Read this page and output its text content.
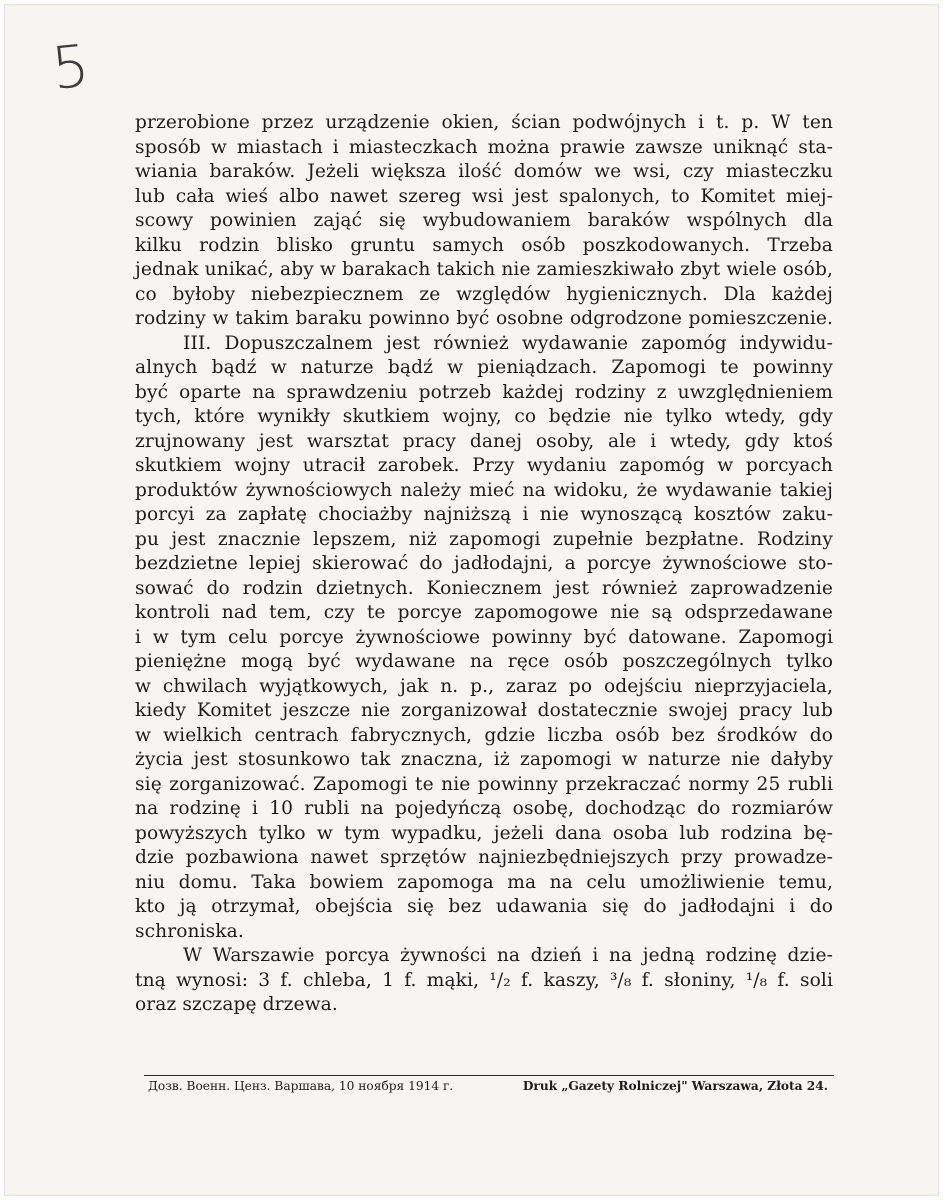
5
przerobione przez urządzenie okien, ścian podwójnych i t. p. W ten
sposób w miastach i miasteczkach można prawie zawsze uniknąć sta-
wiania baraków. Jeżeli większa ilość domów we wsi, czy miasteczku
lub cała wieś albo nawet szereg wsi jest spalonych, to Komitet miej-
scowy powinien zająć się wybudowaniem baraków wspólnych dla
kilku rodzin blisko gruntu samych osób poszkodowanych. Trzeba
jednak unikać, aby w barakach takich nie zamieszkiwało zbyt wiele osób,
co byłoby niebezpiecznem ze względów hygienicznych. Dla każdej
rodziny w takim baraku powinno być osobne odgrodzone pomieszczenie.
III. Dopuszczalnem jest również wydawanie zapomóg indywidu-
alnych bądź w naturze bądź w pieniądzach. Zapomogi te powinny
być oparte na sprawdzeniu potrzeb każdej rodziny z uwzględnieniem
tych, które wynikły skutkiem wojny, co będzie nie tylko wtedy, gdy
zrujnowany jest warsztat pracy danej osoby, ale i wtedy, gdy ktoś
skutkiem wojny utracił zarobek. Przy wydaniu zapomóg w porcyach
produktów żywnościowych należy mieć na widoku, że wydawanie takiej
porcyi za zapłatę chociażby najniższą i nie wynoszącą kosztów zaku-
pu jest znacznie lepszem, niż zapomogi zupełnie bezpłatne. Rodziny
bezdzietne lepiej skierować do jadłodajni, a porcye żywnościowe sto-
sować do rodzin dzietnych. Koniecznem jest również zaprowadzenie
kontroli nad tem, czy te porcye zapomogowe nie są odsprzedawane
i w tym celu porcye żywnościowe powinny być datowane. Zapomogi
pieniężne mogą być wydawane na ręce osób poszczególnych tylko
w chwilach wyjątkowych, jak n. p., zaraz po odejściu nieprzyjaciela,
kiedy Komitet jeszcze nie zorganizował dostatecznie swojej pracy lub
w wielkich centrach fabrycznych, gdzie liczba osób bez środków do
życia jest stosunkowo tak znaczna, iż zapomogi w naturze nie dałyby
się zorganizować. Zapomogi te nie powinny przekraczać normy 25 rubli
na rodzinę i 10 rubli na pojedyńczą osobę, dochodząc do rozmiarów
powyższych tylko w tym wypadku, jeżeli dana osoba lub rodzina bę-
dzie pozbawiona nawet sprzętów najniezbędniejszych przy prowadze-
niu domu. Taka bowiem zapomoga ma na celu umożliwienie temu,
kto ją otrzymał, obejścia się bez udawania się do jadłodajni i do
schroniska.
W Warszawie porcya żywności na dzień i na jedną rodzinę dzie-
tną wynosi: 3 f. chleba, 1 f. mąki, ¹/₂ f. kaszy, ³/₈ f. słoniny, ¹/₈ f. soli
oraz szczapę drzewa.
Дозв. Военн. Ценз. Варшава, 10 ноября 1914 г.	Druk „Gazety Rolniczej" Warszawa, Złota 24.
